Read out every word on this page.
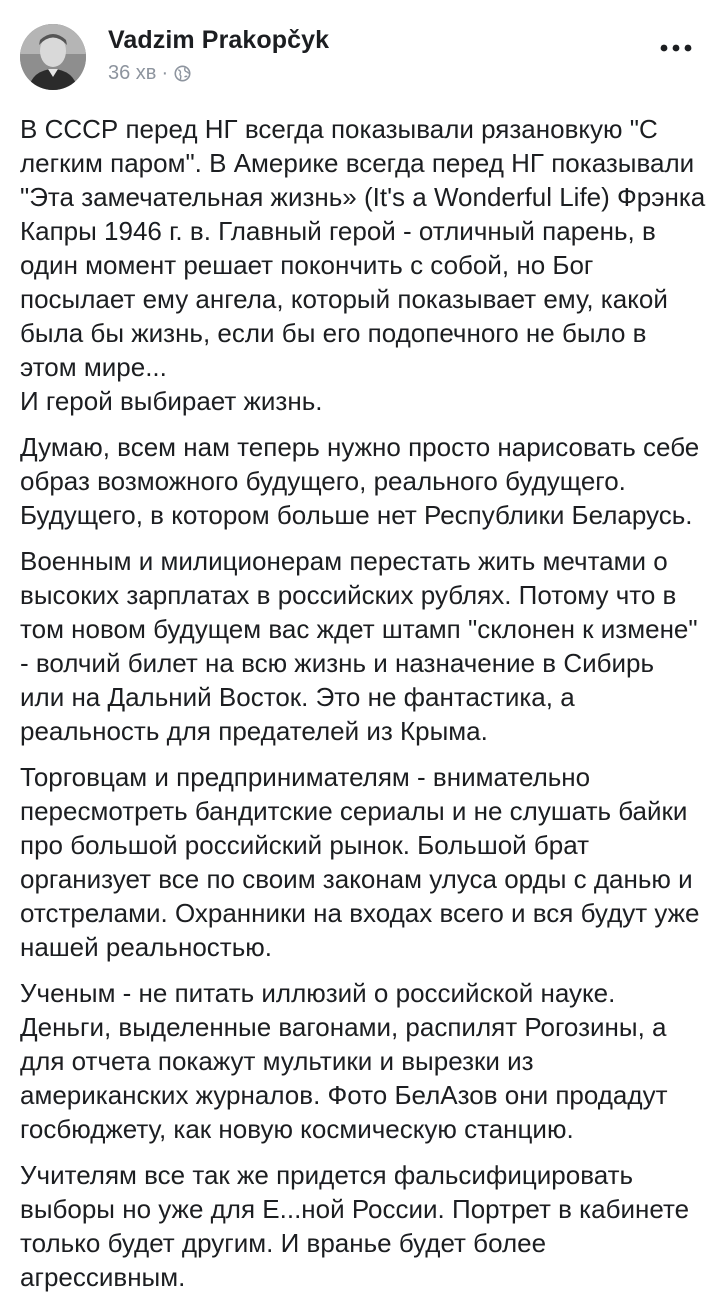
Vadzim Prakopčyk
36 хв ·

В СССР перед НГ всегда показывали рязановкую "С
легким паром". В Америке всегда перед НГ показывали
"Эта замечательная жизнь» (It's a Wonderful Life) Фрэнка
Капры 1946 г. в. Главный герой - отличный парень, в
один момент решает покончить с собой, но Бог
посылает ему ангела, который показывает ему, какой
была бы жизнь, если бы его подопечного не было в
этом мире...
И герой выбирает жизнь.

Думаю, всем нам теперь нужно просто нарисовать себе
образ возможного будущего, реального будущего.
Будущего, в котором больше нет Республики Беларусь.

Военным и милиционерам перестать жить мечтами о
высоких зарплатах в российских рублях. Потому что в
том новом будущем вас ждет штамп "склонен к измене"
- волчий билет на всю жизнь и назначение в Сибирь
или на Дальний Восток. Это не фантастика, а
реальность для предателей из Крыма.

Торговцам и предпринимателям - внимательно
пересмотреть бандитские сериалы и не слушать байки
про большой российский рынок. Большой брат
организует все по своим законам улуса орды с данью и
отстрелами. Охранники на входах всего и вся будут уже
нашей реальностью.

Ученым - не питать иллюзий о российской науке.
Деньги, выделенные вагонами, распилят Рогозины, а
для отчета покажут мультики и вырезки из
американских журналов. Фото БелАзов они продадут
госбюджету, как новую космическую станцию.

Учителям все так же придется фальсифицировать
выборы но уже для Е...ной России. Портрет в кабинете
только будет другим. И вранье будет более
агрессивным.
